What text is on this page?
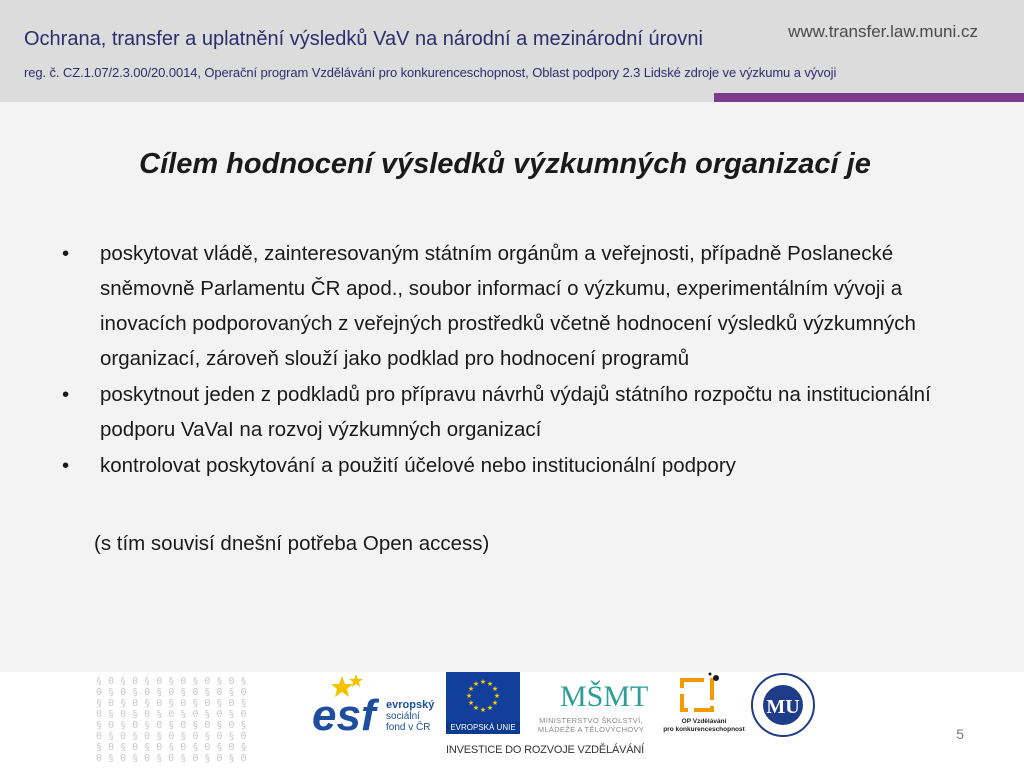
Ochrana, transfer a uplatnění výsledků VaV na národní a mezinárodní úrovni	www.transfer.law.muni.cz
reg. č. CZ.1.07/2.3.00/20.0014, Operační program Vzdělávání pro konkurenceschopnost, Oblast podpory 2.3 Lidské zdroje ve výzkumu a vývoji
Cílem hodnocení výsledků výzkumných organizací je
• poskytovat vládě, zainteresovaným státním orgánům a veřejnosti, případně Poslanecké sněmovně Parlamentu ČR apod., soubor informací o výzkumu, experimentálním vývoji a inovacích podporovaných z veřejných prostředků včetně hodnocení výsledků výzkumných organizací, zároveň slouží jako podklad pro hodnocení programů
• poskytnout jeden z podkladů pro přípravu návrhů výdajů státního rozpočtu na institucionální podporu VaVaI na rozvoj výzkumných organizací
• kontrolovat poskytování a použití účelové nebo institucionální podpory
(s tím souvisí dnešní potřeba Open access)
§ 0 § 0 § 0 § 0 § 0 § 0 §
0 § 0 § 0 § 0 § 0 § 0 § 0
§ 0 § 0 § 0 § 0 § 0 § 0 §
0 § 0 § 0 § 0 § 0 § 0 § 0
§ 0 § 0 § 0 § 0 § 0 § 0 §
0 § 0 § 0 § 0 § 0 § 0 § 0
§ 0 § 0 § 0 § 0 § 0 § 0 §
0 § 0 § 0 § 0 § 0 § 0 § 0
esf evropský
sociální
fond v ČR
★ ★
★
★
★
★
★
★
★
★
★
★
EVROPSKÁ UNIE
MŠMT
MINISTERSTVO ŠKOLSTVÍ,
MLÁDEŽE A TĚLOVÝCHOVY
OP Vzdělávání
pro konkurenceschopnost
MU
INVESTICE DO ROZVOJE VZDĚLÁVÁNÍ
5
